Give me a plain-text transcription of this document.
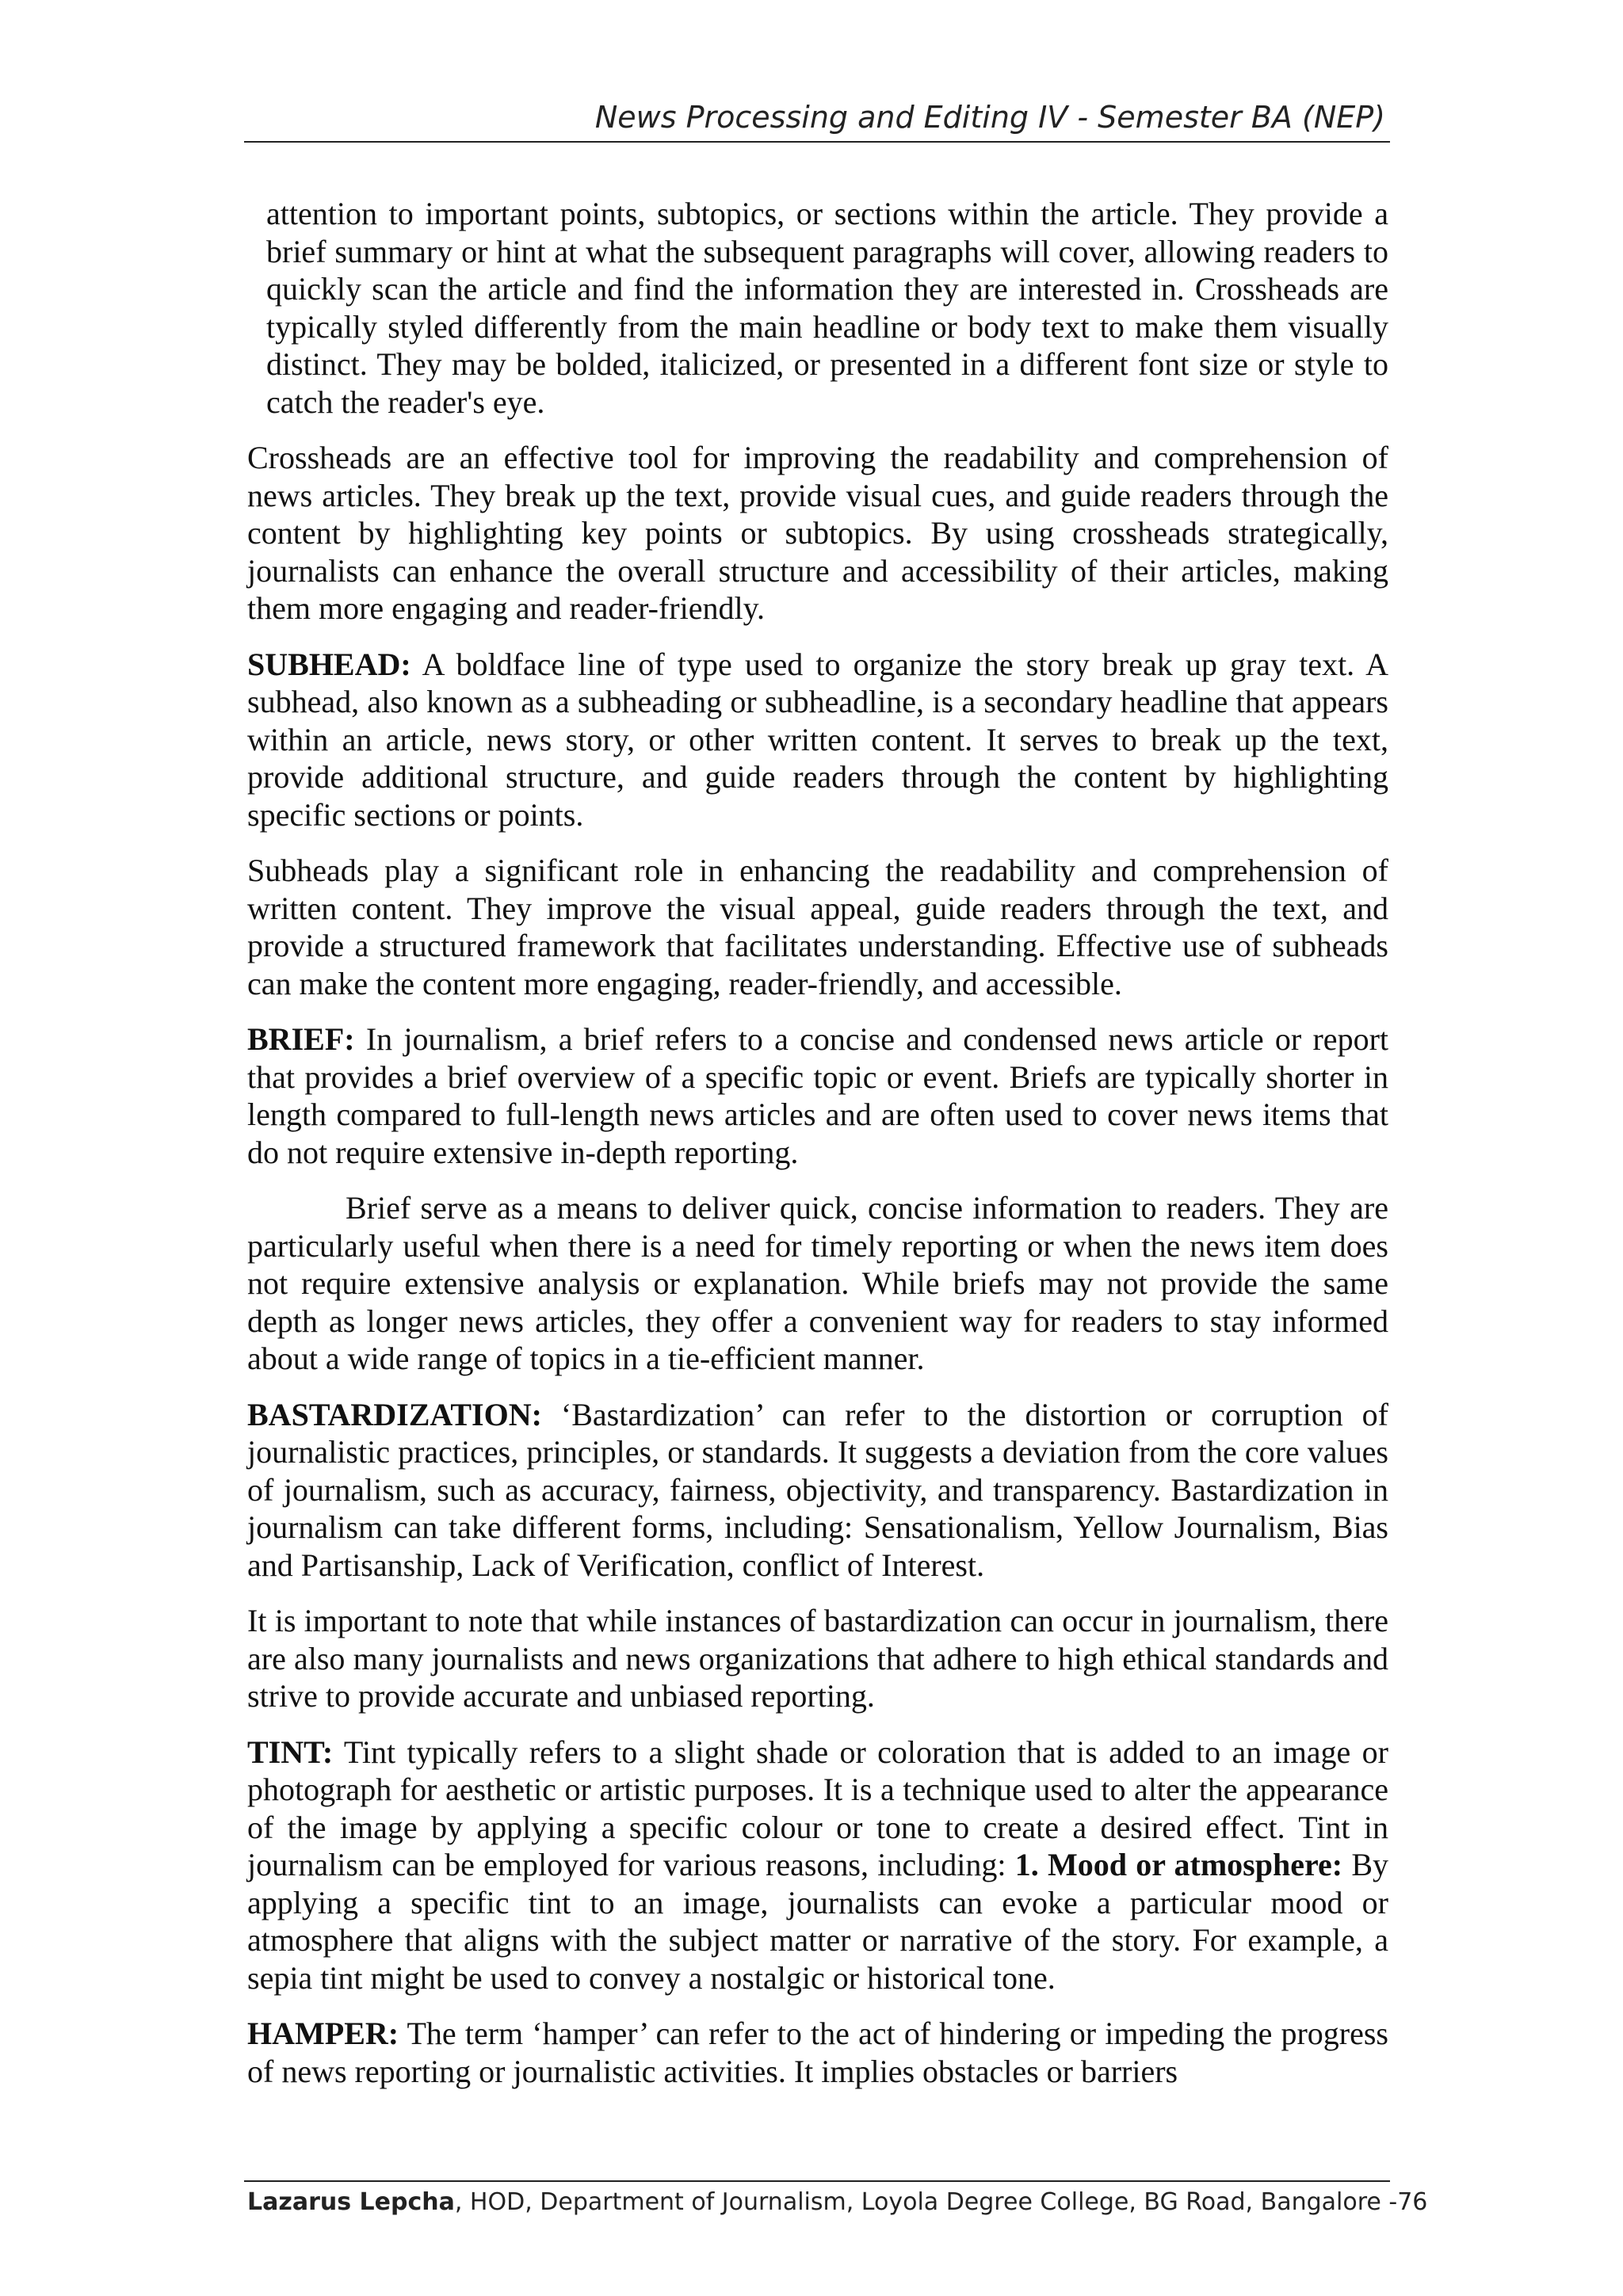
News Processing and Editing IV - Semester BA (NEP)

attention to important points, subtopics, or sections within the article. They provide a brief summary or hint at what the subsequent paragraphs will cover, allowing readers to quickly scan the article and find the information they are interested in. Crossheads are typically styled differently from the main headline or body text to make them visually distinct. They may be bolded, italicized, or presented in a different font size or style to catch the reader's eye.

Crossheads are an effective tool for improving the readability and comprehension of news articles. They break up the text, provide visual cues, and guide readers through the content by highlighting key points or subtopics. By using crossheads strategically, journalists can enhance the overall structure and accessibility of their articles, making them more engaging and reader-friendly.

SUBHEAD: A boldface line of type used to organize the story break up gray text. A subhead, also known as a subheading or subheadline, is a secondary headline that appears within an article, news story, or other written content. It serves to break up the text, provide additional structure, and guide readers through the content by highlighting specific sections or points.

Subheads play a significant role in enhancing the readability and comprehension of written content. They improve the visual appeal, guide readers through the text, and provide a structured framework that facilitates understanding. Effective use of subheads can make the content more engaging, reader-friendly, and accessible.

BRIEF: In journalism, a brief refers to a concise and condensed news article or report that provides a brief overview of a specific topic or event. Briefs are typically shorter in length compared to full-length news articles and are often used to cover news items that do not require extensive in-depth reporting.

Brief serve as a means to deliver quick, concise information to readers. They are particularly useful when there is a need for timely reporting or when the news item does not require extensive analysis or explanation. While briefs may not provide the same depth as longer news articles, they offer a convenient way for readers to stay informed about a wide range of topics in a tie-efficient manner.

BASTARDIZATION: ‘Bastardization’ can refer to the distortion or corruption of journalistic practices, principles, or standards. It suggests a deviation from the core values of journalism, such as accuracy, fairness, objectivity, and transparency. Bastardization in journalism can take different forms, including: Sensationalism, Yellow Journalism, Bias and Partisanship, Lack of Verification, conflict of Interest.

It is important to note that while instances of bastardization can occur in journalism, there are also many journalists and news organizations that adhere to high ethical standards and strive to provide accurate and unbiased reporting.

TINT: Tint typically refers to a slight shade or coloration that is added to an image or photograph for aesthetic or artistic purposes. It is a technique used to alter the appearance of the image by applying a specific colour or tone to create a desired effect. Tint in journalism can be employed for various reasons, including: 1. Mood or atmosphere: By applying a specific tint to an image, journalists can evoke a particular mood or atmosphere that aligns with the subject matter or narrative of the story. For example, a sepia tint might be used to convey a nostalgic or historical tone.

HAMPER: The term ‘hamper’ can refer to the act of hindering or impeding the progress of news reporting or journalistic activities. It implies obstacles or barriers

Lazarus Lepcha, HOD, Department of Journalism, Loyola Degree College, BG Road, Bangalore -76
